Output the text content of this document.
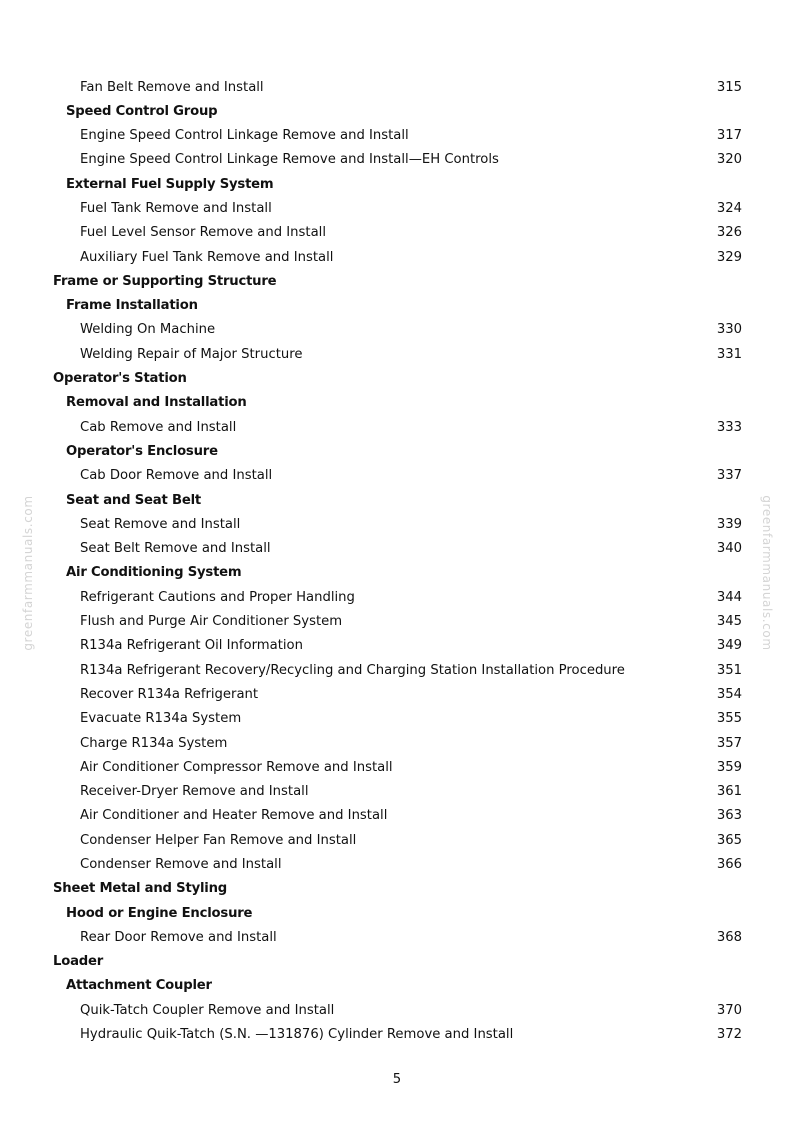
Fan Belt Remove and Install	315
Speed Control Group
Engine Speed Control Linkage Remove and Install	317
Engine Speed Control Linkage Remove and Install—EH Controls	320
External Fuel Supply System
Fuel Tank Remove and Install	324
Fuel Level Sensor Remove and Install	326
Auxiliary Fuel Tank Remove and Install	329
Frame or Supporting Structure
Frame Installation
Welding On Machine	330
Welding Repair of Major Structure	331
Operator's Station
Removal and Installation
Cab Remove and Install	333
Operator's Enclosure
Cab Door Remove and Install	337
Seat and Seat Belt
Seat Remove and Install	339
Seat Belt Remove and Install	340
Air Conditioning System
Refrigerant Cautions and Proper Handling	344
Flush and Purge Air Conditioner System	345
R134a Refrigerant Oil Information	349
R134a Refrigerant Recovery/Recycling and Charging Station Installation Procedure	351
Recover R134a Refrigerant	354
Evacuate R134a System	355
Charge R134a System	357
Air Conditioner Compressor Remove and Install	359
Receiver-Dryer Remove and Install	361
Air Conditioner and Heater Remove and Install	363
Condenser Helper Fan Remove and Install	365
Condenser Remove and Install	366
Sheet Metal and Styling
Hood or Engine Enclosure
Rear Door Remove and Install	368
Loader
Attachment Coupler
Quik-Tatch Coupler Remove and Install	370
Hydraulic Quik-Tatch (S.N. —131876) Cylinder Remove and Install	372
5
greenfarmmanuals.com	greenfarmmanuals.com
